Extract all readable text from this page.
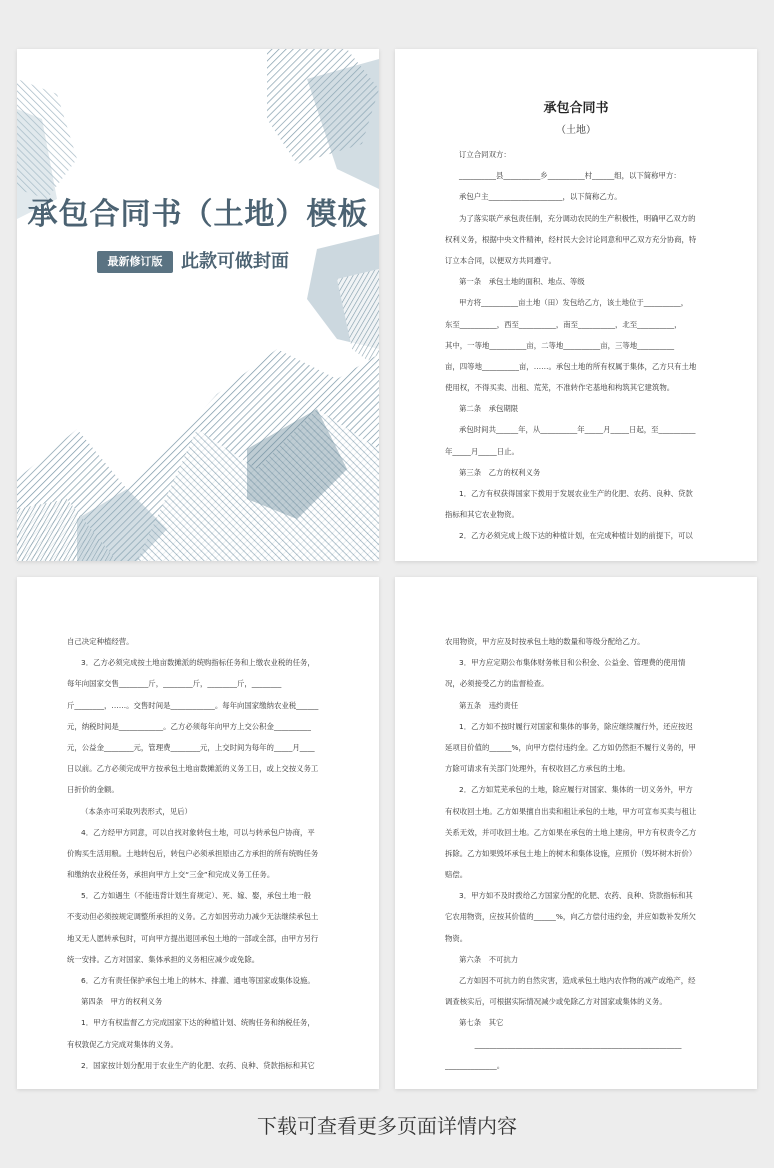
承包合同书（土地）模板
最新修订版	此款可做封面
承包合同书
（土地）
订立合同双方：
__________县__________乡__________村______组，以下简称甲方：
承包户主____________________，以下简称乙方。
为了落实联产承包责任制，充分调动农民的生产积极性，明确甲乙双方的
权利义务，根据中央文件精神，经村民大会讨论同意和甲乙双方充分协商，特
订立本合同，以便双方共同遵守。
第一条　承包土地的面积、地点、等级
甲方将__________亩土地（田）发包给乙方，该土地位于__________，
东至__________，西至__________，南至__________，北至__________，
其中，一等地__________亩，二等地__________亩，三等地__________
亩，四等地__________亩，……。承包土地的所有权属于集体，乙方只有土地
使用权，不得买卖、出租、荒芜，不准转作宅基地和构筑其它建筑物。
第二条　承包期限
承包时间共______年，从__________年_____月_____日起，至__________
年_____月_____日止。
第三条　乙方的权利义务
1．乙方有权获得国家下拨用于发展农业生产的化肥、农药、良种、贷款
指标和其它农业物资。
2．乙方必须完成上级下达的种植计划，在完成种植计划的前提下，可以
自己决定种植经营。
3．乙方必须完成按土地亩数摊派的统购指标任务和上缴农业税的任务，
每年向国家交售________斤，________斤，________斤，________
斤________，……。交售时间是____________。每年向国家缴纳农业税______
元，纳税时间是____________。乙方必须每年向甲方上交公积金__________
元，公益金________元，管理费________元，上交时间为每年的_____月____
日以前。乙方必须完成甲方按承包土地亩数摊派的义务工日，或上交按义务工
日折价的金额。
（本条亦可采取列表形式，见后）
4．乙方经甲方同意，可以自找对象转包土地，可以与转承包户协商，平
价购买生活用粮。土地转包后，转包户必须承担原由乙方承担的所有统购任务
和缴纳农业税任务，承担向甲方上交“三金”和完成义务工任务。
5．乙方如遇生（不能违背计划生育规定）、死、嫁、娶，承包土地一般
不变动但必须按规定调整所承担的义务。乙方如因劳动力减少无法继续承包土
地又无人愿转承包时，可向甲方提出退回承包土地的一部或全部，由甲方另行
统一安排。乙方对国家、集体承担的义务相应减少或免除。
6．乙方有责任保护承包土地上的林木、排灌、通电等国家或集体设施。
第四条　甲方的权利义务
1．甲方有权监督乙方完成国家下达的种植计划、统购任务和纳税任务，
有权敦促乙方完成对集体的义务。
2．国家按计划分配用于农业生产的化肥、农药、良种、贷款指标和其它
农用物资，甲方应及时按承包土地的数量和等级分配给乙方。
3．甲方应定期公布集体财务帐目和公积金、公益金、管理费的使用情
况，必须接受乙方的监督检查。
第五条　违约责任
1．乙方如不按时履行对国家和集体的事务，除应继续履行外，还应按迟
延项目价值的______%，向甲方偿付违约金。乙方如仍然拒不履行义务的，甲
方除可请求有关部门处理外，有权收回乙方承包的土地。
2．乙方如荒芜承包的土地，除应履行对国家、集体的一切义务外，甲方
有权收回土地。乙方如果擅自出卖和租让承包的土地，甲方可宣布买卖与租让
关系无效，并可收回土地。乙方如果在承包的土地上建房，甲方有权责令乙方
拆除。乙方如果毁坏承包土地上的树木和集体设施，应照价（毁坏树木折价）
赔偿。
3．甲方如不及时拨给乙方国家分配的化肥、农药、良种、贷款指标和其
它农用物资，应按其价值的______%，向乙方偿付违约金，并应如数补发所欠
物资。
第六条　不可抗力
乙方如因不可抗力的自然灾害，造成承包土地内农作物的减产或绝产，经
调查核实后，可根据实际情况减少或免除乙方对国家或集体的义务。
第七条　其它
　　　　________________________________________________________
______________。
下载可查看更多页面详情内容
